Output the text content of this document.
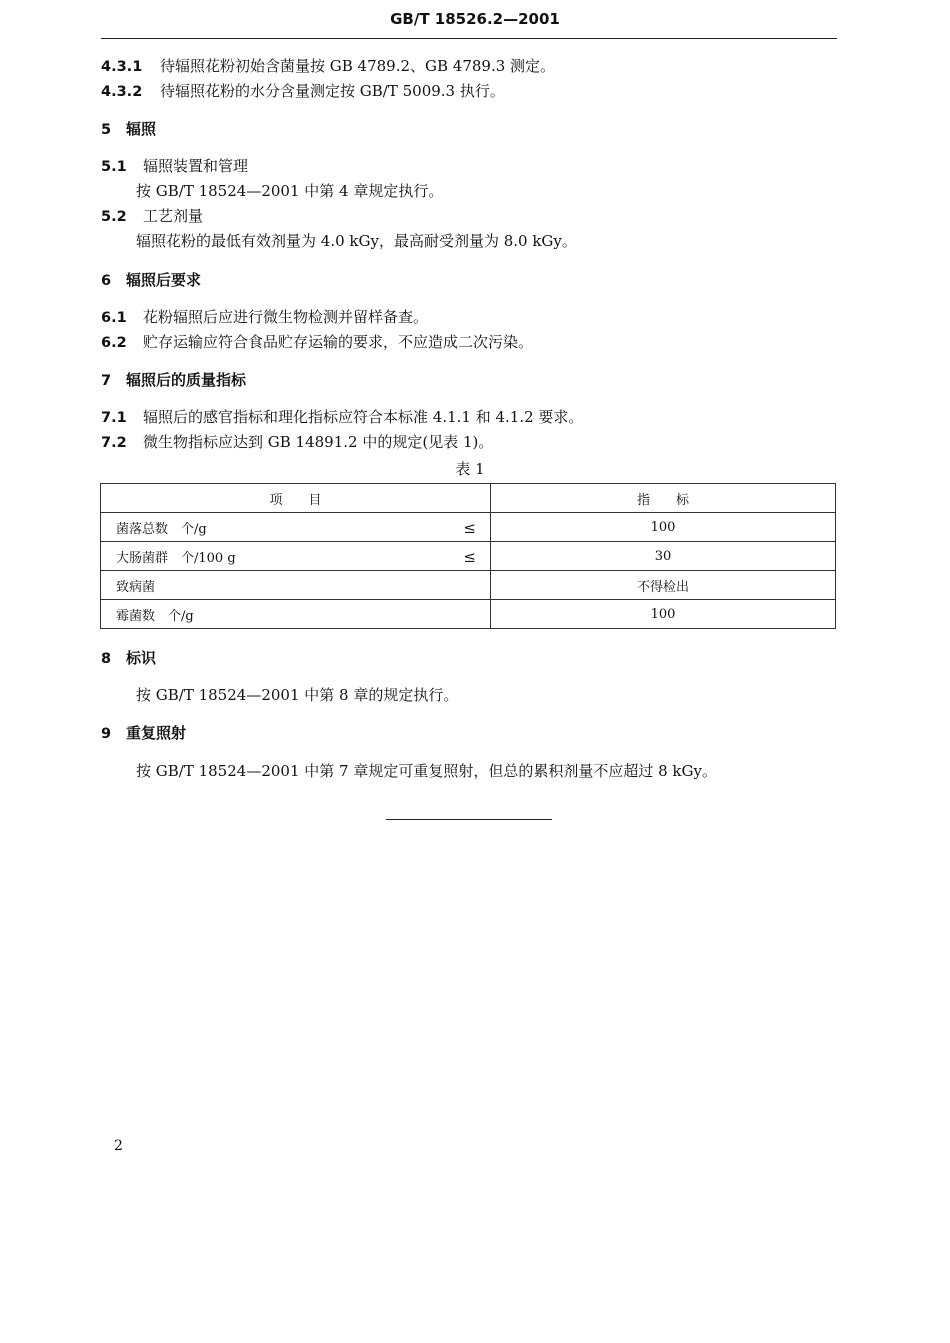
GB/T 18526.2—2001
4.3.1 待辐照花粉初始含菌量按 GB 4789.2、GB 4789.3 测定。
4.3.2 待辐照花粉的水分含量测定按 GB/T 5009.3 执行。
5 辐照
5.1 辐照装置和管理
按 GB/T 18524—2001 中第 4 章规定执行。
5.2 工艺剂量
辐照花粉的最低有效剂量为 4.0 kGy，最高耐受剂量为 8.0 kGy。
6 辐照后要求
6.1 花粉辐照后应进行微生物检测并留样备查。
6.2 贮存运输应符合食品贮存运输的要求，不应造成二次污染。
7 辐照后的质量指标
7.1 辐照后的感官指标和理化指标应符合本标准 4.1.1 和 4.1.2 要求。
7.2 微生物指标应达到 GB 14891.2 中的规定(见表 1)。
表 1
项　　目	指　　标
菌落总数　个/g ≤	100
大肠菌群　个/100 g ≤	30
致病菌	不得检出
霉菌数　个/g	100
8 标识
按 GB/T 18524—2001 中第 8 章的规定执行。
9 重复照射
按 GB/T 18524—2001 中第 7 章规定可重复照射，但总的累积剂量不应超过 8 kGy。
2
